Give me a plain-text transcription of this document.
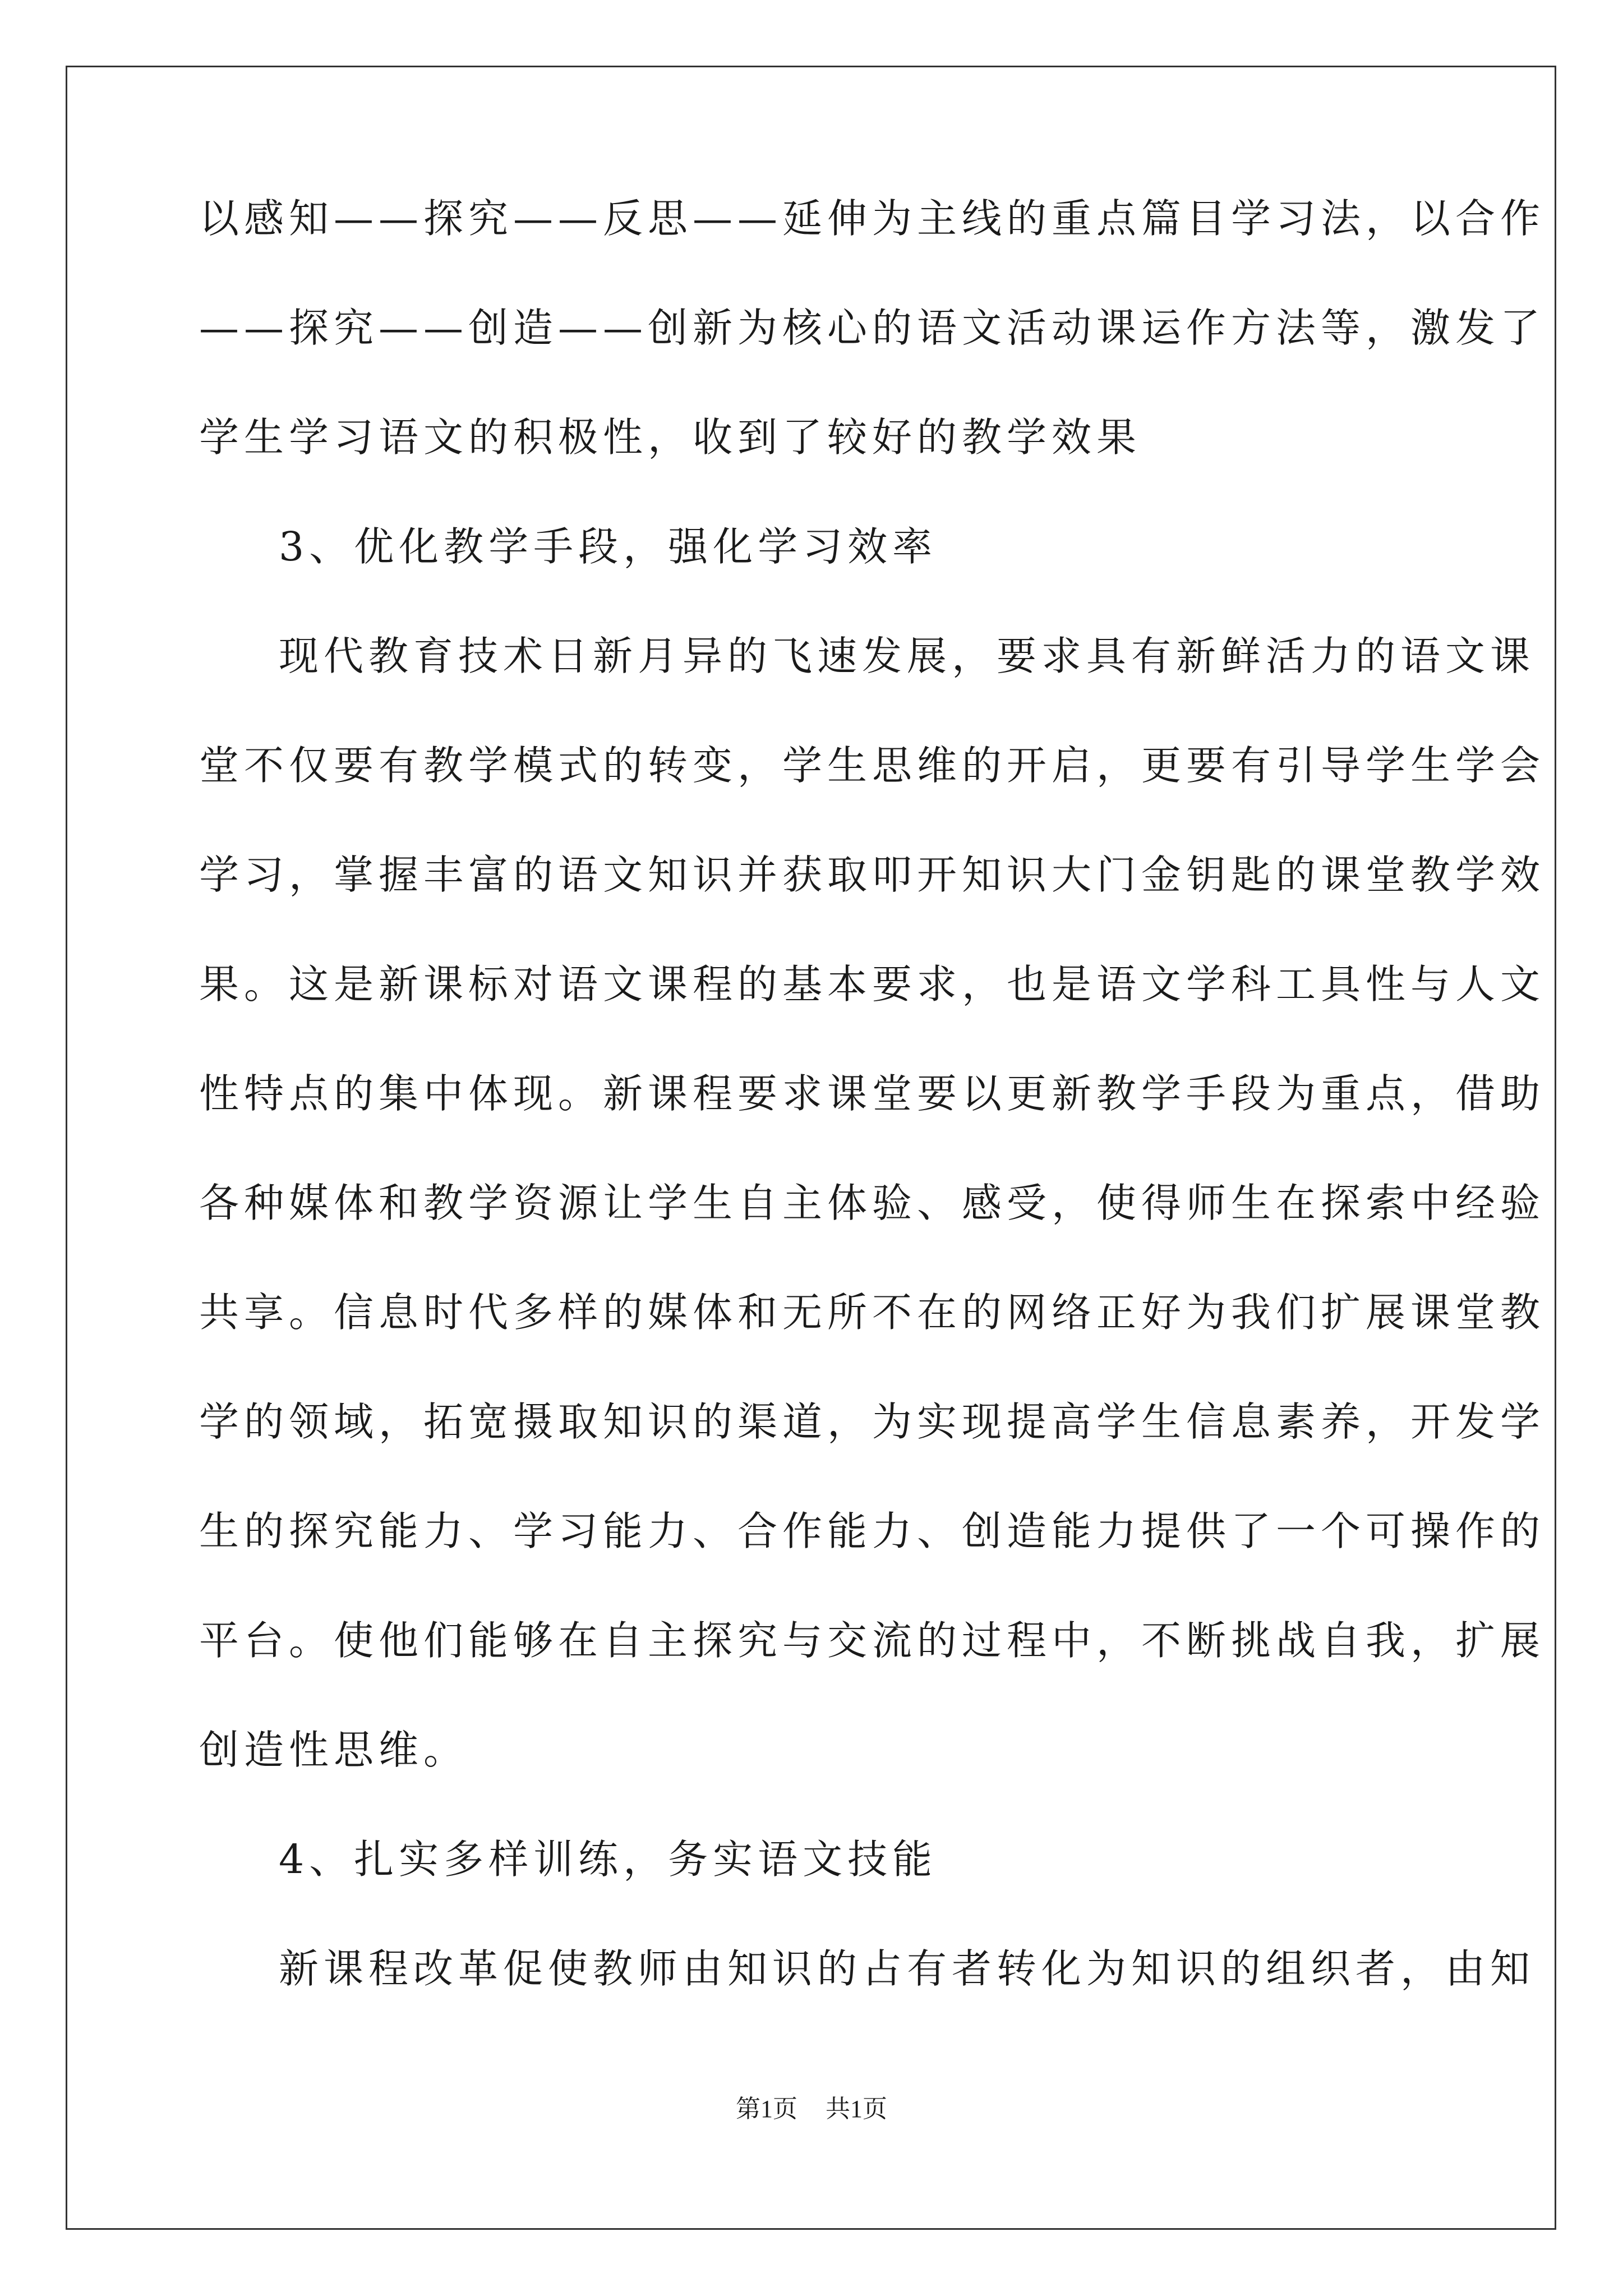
以感知——探究——反思——延伸为主线的重点篇目学习法，以合作
——探究——创造——创新为核心的语文活动课运作方法等，激发了
学生学习语文的积极性，收到了较好的教学效果
3、优化教学手段，强化学习效率
现代教育技术日新月异的飞速发展，要求具有新鲜活力的语文课
堂不仅要有教学模式的转变，学生思维的开启，更要有引导学生学会
学习，掌握丰富的语文知识并获取叩开知识大门金钥匙的课堂教学效
果。这是新课标对语文课程的基本要求，也是语文学科工具性与人文
性特点的集中体现。新课程要求课堂要以更新教学手段为重点，借助
各种媒体和教学资源让学生自主体验、感受，使得师生在探索中经验
共享。信息时代多样的媒体和无所不在的网络正好为我们扩展课堂教
学的领域，拓宽摄取知识的渠道，为实现提高学生信息素养，开发学
生的探究能力、学习能力、合作能力、创造能力提供了一个可操作的
平台。使他们能够在自主探究与交流的过程中，不断挑战自我，扩展
创造性思维。
4、扎实多样训练，务实语文技能
新课程改革促使教师由知识的占有者转化为知识的组织者，由知
第1页 共1页
